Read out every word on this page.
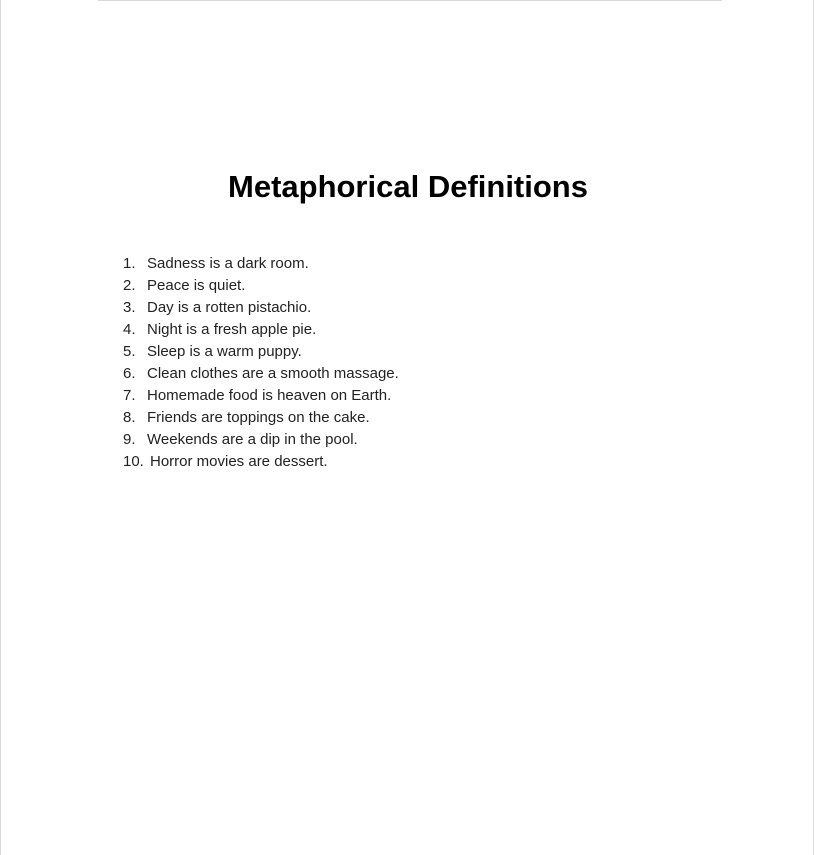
Metaphorical Definitions
1. Sadness is a dark room.
2. Peace is quiet.
3. Day is a rotten pistachio.
4. Night is a fresh apple pie.
5. Sleep is a warm puppy.
6. Clean clothes are a smooth massage.
7. Homemade food is heaven on Earth.
8. Friends are toppings on the cake.
9. Weekends are a dip in the pool.
10. Horror movies are dessert.
